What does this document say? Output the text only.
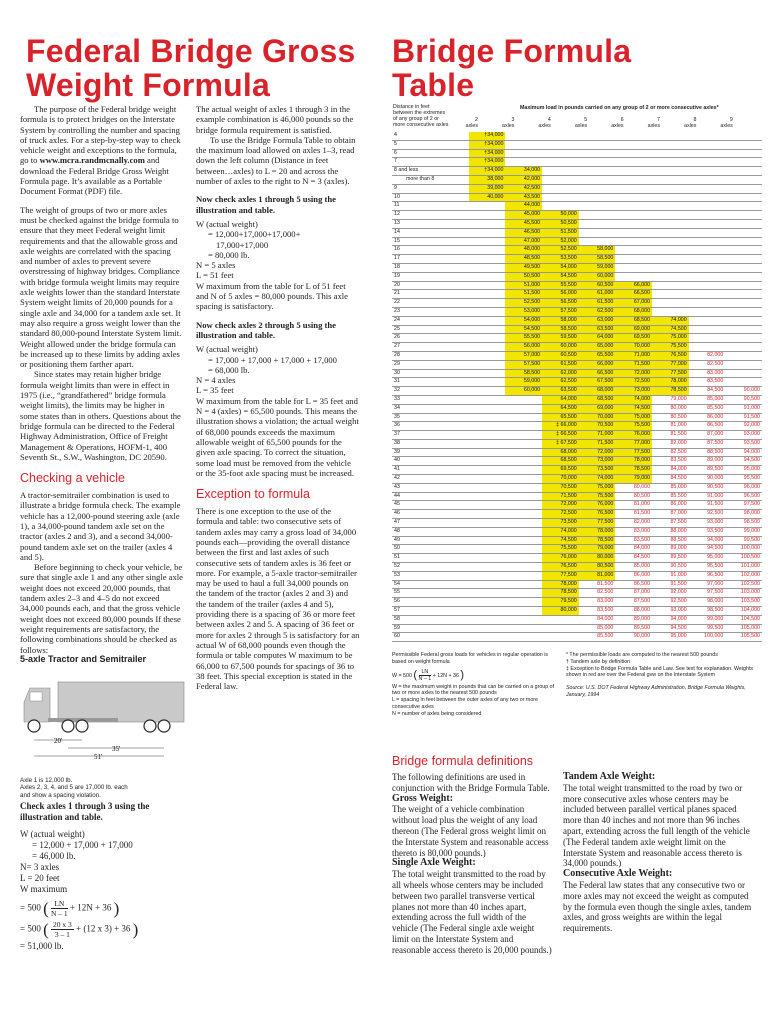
Federal Bridge Gross
Weight Formula
Bridge Formula
Table

The purpose of the Federal bridge weight formula is to protect bridges on the Interstate System by controlling the number and spacing of truck axles. For a step-by-step way to check vehicle weight and exceptions to the formula, go to www.mcra.randmcnally.com and download the Federal Bridge Gross Weight Formula page. It’s available as a Portable Document Format (PDF) file.

The weight of groups of two or more axles must be checked against the bridge formula to ensure that they meet Federal weight limit requirements and that the allowable gross and axle weights are correlated with the spacing and number of axles to prevent severe overstressing of highway bridges. Compliance with bridge formula weight limits may require axle weights lower than the standard Interstate System weight limits of 20,000 pounds for a single axle and 34,000 for a tandem axle set. It may also require a gross weight lower than the standard 80,000-pound Interstate System limit. Weight allowed under the bridge formula can be increased up to these limits by adding axles or positioning them farther apart.

Since states may retain higher bridge formula weight limits than were in effect in 1975 (i.e., “grandfathered” bridge formula weight limits), the limits may be higher in some states than in others. Questions about the bridge formula can be directed to the Federal Highway Administration, Office of Freight Management & Operations, HOFM-1, 400 Seventh St., S.W., Washington, DC 20590.

Checking a vehicle

A tractor-semitrailer combination is used to illustrate a bridge formula check. The example vehicle has a 12,000-pound steering axle (axle 1), a 34,000-pound tandem axle set on the tractor (axles 2 and 3), and a second 34,000-pound tandem axle set on the trailer (axles 4 and 5).

Before beginning to check your vehicle, be sure that single axle 1 and any other single axle weight does not exceed 20,000 pounds, that tandem axles 2–3 and 4–5 do not exceed 34,000 pounds each, and that the gross vehicle weight does not exceed 80,000 pounds If these weight requirements are satisfactory, the following combinations should be checked as follows:

5-axle Tractor and Semitrailer
20'
35'
51'
Axle 1 is 12,000 lb.
Axles 2, 3, 4, and 5 are 17,000 lb. each
and show a spacing violation.
Check axles 1 through 3 using the illustration and table.
W (actual weight)
= 12,000 + 17,000 + 17,000
= 46,000 lb.
N= 3 axles
L = 20 feet
W maximum
= 500 ( $\frac{LN}{N - 1} + 12N + 36$ )
= 500 ( $\frac{20 x 3}{3 - 1} + (12$ x 3) + 36 )
= 51,000 lb.

The actual weight of axles 1 through 3 in the example combination is 46,000 pounds so the bridge formula requirement is satisfied.

To use the Bridge Formula Table to obtain the maximum load allowed on axles 1–3, read down the left column (Distance in feet between…axles) to L = 20 and across the number of axles to the right to N = 3 (axles).

Now check axles 1 through 5 using the illustration and table.

W (actual weight)

= 12,000+17,000+17,000+

17,000+17,000

= 80,000 lb.

N = 5 axles

L = 51 feet

W maximum from the table for L of 51 feet and N of 5 axles = 80,000 pounds. This axle spacing is satisfactory.

Now check axles 2 through 5 using the illustration and table.

W (actual weight)

= 17,000 + 17,000 + 17,000 + 17,000

= 68,000 lb.

N = 4 axles

L = 35 feet

W maximum from the table for L = 35 feet and N = 4 (axles) = 65,500 pounds. This means the illustration shows a violation; the actual weight of 68,000 pounds exceeds the maximum allowable weight of 65,500 pounds for the given axle spacing. To correct the situation, some load must be removed from the vehicle or the 35-foot axle spacing must be increased.

Exception to formula

There is one exception to the use of the formula and table: two consecutive sets of tandem axles may carry a gross load of 34,000 pounds each—providing the overall distance between the first and last axles of such consecutive sets of tandem axles is 36 feet or more. For example, a 5-axle tractor-semitrailer may be used to haul a full 34,000 pounds on the tandem of the tractor (axles 2 and 3) and the tandem of the trailer (axles 4 and 5), providing there is a spacing of 36 or more feet between axles 2 and 5. A spacing of 36 feet or more for axles 2 through 5 is satisfactory for an actual W of 68,000 pounds even though the formula or table computes W maximum to be 66,000 to 67,500 pounds for spacings of 36 to 38 feet. This special exception is stated in the Federal law.

Distance in feet between the extremes of any group of 2 or more consecutive axles
Maximum load in pounds carried on any group of 2 or more consecutive axles*
2
axles
3
axles
4
axles
5
axles
6
axles
7
axles
8
axles
9
axles
4	†34,000							
5	†34,000							
6	†34,000							
7	†34,000							
8 and less	†34,000	34,000						
more than 8	38,000	42,000						
9	39,000	42,500						
10	40,000	43,500						
11		44,000						
12		45,000	50,000					
13		45,500	50,500					
14		46,500	51,500					
15		47,000	52,000					
16		48,000	52,500	58,000				
17		48,500	53,500	58,500				
18		49,500	54,000	59,000				
19		50,500	54,500	60,000				
20		51,000	55,500	60,500	66,000			
21		51,500	56,000	61,000	66,500			
22		52,500	56,500	61,500	67,000			
23		53,000	57,500	62,500	68,000			
24		54,000	58,000	63,000	68,500	74,000		
25		54,500	58,500	63,500	69,000	74,500		
26		55,500	59,500	64,000	69,500	75,000		
27		56,000	60,000	65,000	70,000	75,500		
28		57,000	60,500	65,500	71,000	76,500	82,000	
29		57,500	61,500	66,000	71,500	77,000	82,500	
30		58,500	62,000	66,500	72,000	77,500	83,000	
31		59,000	62,500	67,500	72,500	78,000	83,500	
32		60,000	63,500	68,000	73,000	78,500	84,500	90,000
33			64,000	68,500	74,000	79,000	85,000	90,500
34			64,500	69,000	74,500	80,000	85,500	91,000
35			65,500	70,000	75,000	80,500	86,000	91,500
36			‡ 66,000	70,500	75,500	81,000	86,500	92,000
37			‡ 66,500	71,000	76,000	81,500	87,000	93,000
38			‡ 67,500	71,500	77,000	82,000	87,500	93,500
39			68,000	72,000	77,500	82,500	88,500	94,000
40			68,500	73,000	78,000	83,500	89,000	94,500
41			69,500	73,500	78,500	84,000	89,500	95,000
42			70,000	74,000	79,000	84,500	90,000	95,500
43			70,500	75,000	80,000	85,000	90,500	96,000
44			71,500	75,500	80,500	85,500	91,000	96,500
45			72,000	76,000	81,000	86,000	91,500	97,500
46			72,500	76,500	81,500	87,000	92,500	98,000
47			73,500	77,500	82,000	87,500	93,000	98,500
48			74,000	78,000	83,000	88,000	93,500	99,000
49			74,500	78,500	83,500	88,500	94,000	99,500
50			75,500	79,000	84,000	89,000	94,500	100,000
51			76,000	80,000	84,500	89,500	95,000	100,500
52			76,500	80,500	85,000	90,500	95,500	101,000
53			77,500	81,000	86,000	91,000	96,500	102,000
54			78,000	81,500	86,500	91,500	97,000	102,500
55			78,500	82,500	87,000	92,000	97,500	103,000
56			79,500	83,000	87,500	92,500	98,000	103,500
57			80,000	83,500	88,000	93,000	98,500	104,000
58				84,000	89,000	94,000	99,000	104,500
59				85,000	89,500	94,500	99,500	105,000
60				85,500	90,000	95,000	100,000	105,500
Permissible Federal gross loads for vehicles in regular operation is based on weight formula
W = 500 ( $\frac{LN}{N - 1} + 12N + 36$ )
W = the maximum weight in pounds that can be carried on a group of two or more axles to the nearest 500 pounds
L = spacing in feet between the outer axles of any two or more consecutive axles
N = number of axles being considered
* The permissible loads are computed to the nearest 500 pounds
† Tandem axle by definition
‡ Exception to Bridge Formula Table and Law. See text for explanation. Weights shown in red are over the Federal gvw on the Interstate System
Source: U.S. DOT Federal Highway Administration, Bridge Formula Weights, January, 1994
Bridge formula definitions

The following definitions are used in conjunction with the Bridge Formula Table.

Gross Weight:

The weight of a vehicle combination without load plus the weight of any load thereon (The Federal gross weight limit on the Interstate System and reasonable access thereto is 80,000 pounds.)

Single Axle Weight:

The total weight transmitted to the road by all wheels whose centers may be included between two parallel transverse vertical planes not more than 40 inches apart, extending across the full width of the vehicle (The Federal single axle weight limit on the Interstate System and reasonable access thereto is 20,000 pounds.)

Tandem Axle Weight:

The total weight transmitted to the road by two or more consecutive axles whose centers may be included between parallel vertical planes spaced more than 40 inches and not more than 96 inches apart, extending across the full length of the vehicle (The Federal tandem axle weight limit on the Interstate System and reasonable access thereto is 34,000 pounds.)

Consecutive Axle Weight:

The Federal law states that any consecutive two or more axles may not exceed the weight as computed by the formula even though the single axles, tandem axles, and gross weights are within the legal requirements.
